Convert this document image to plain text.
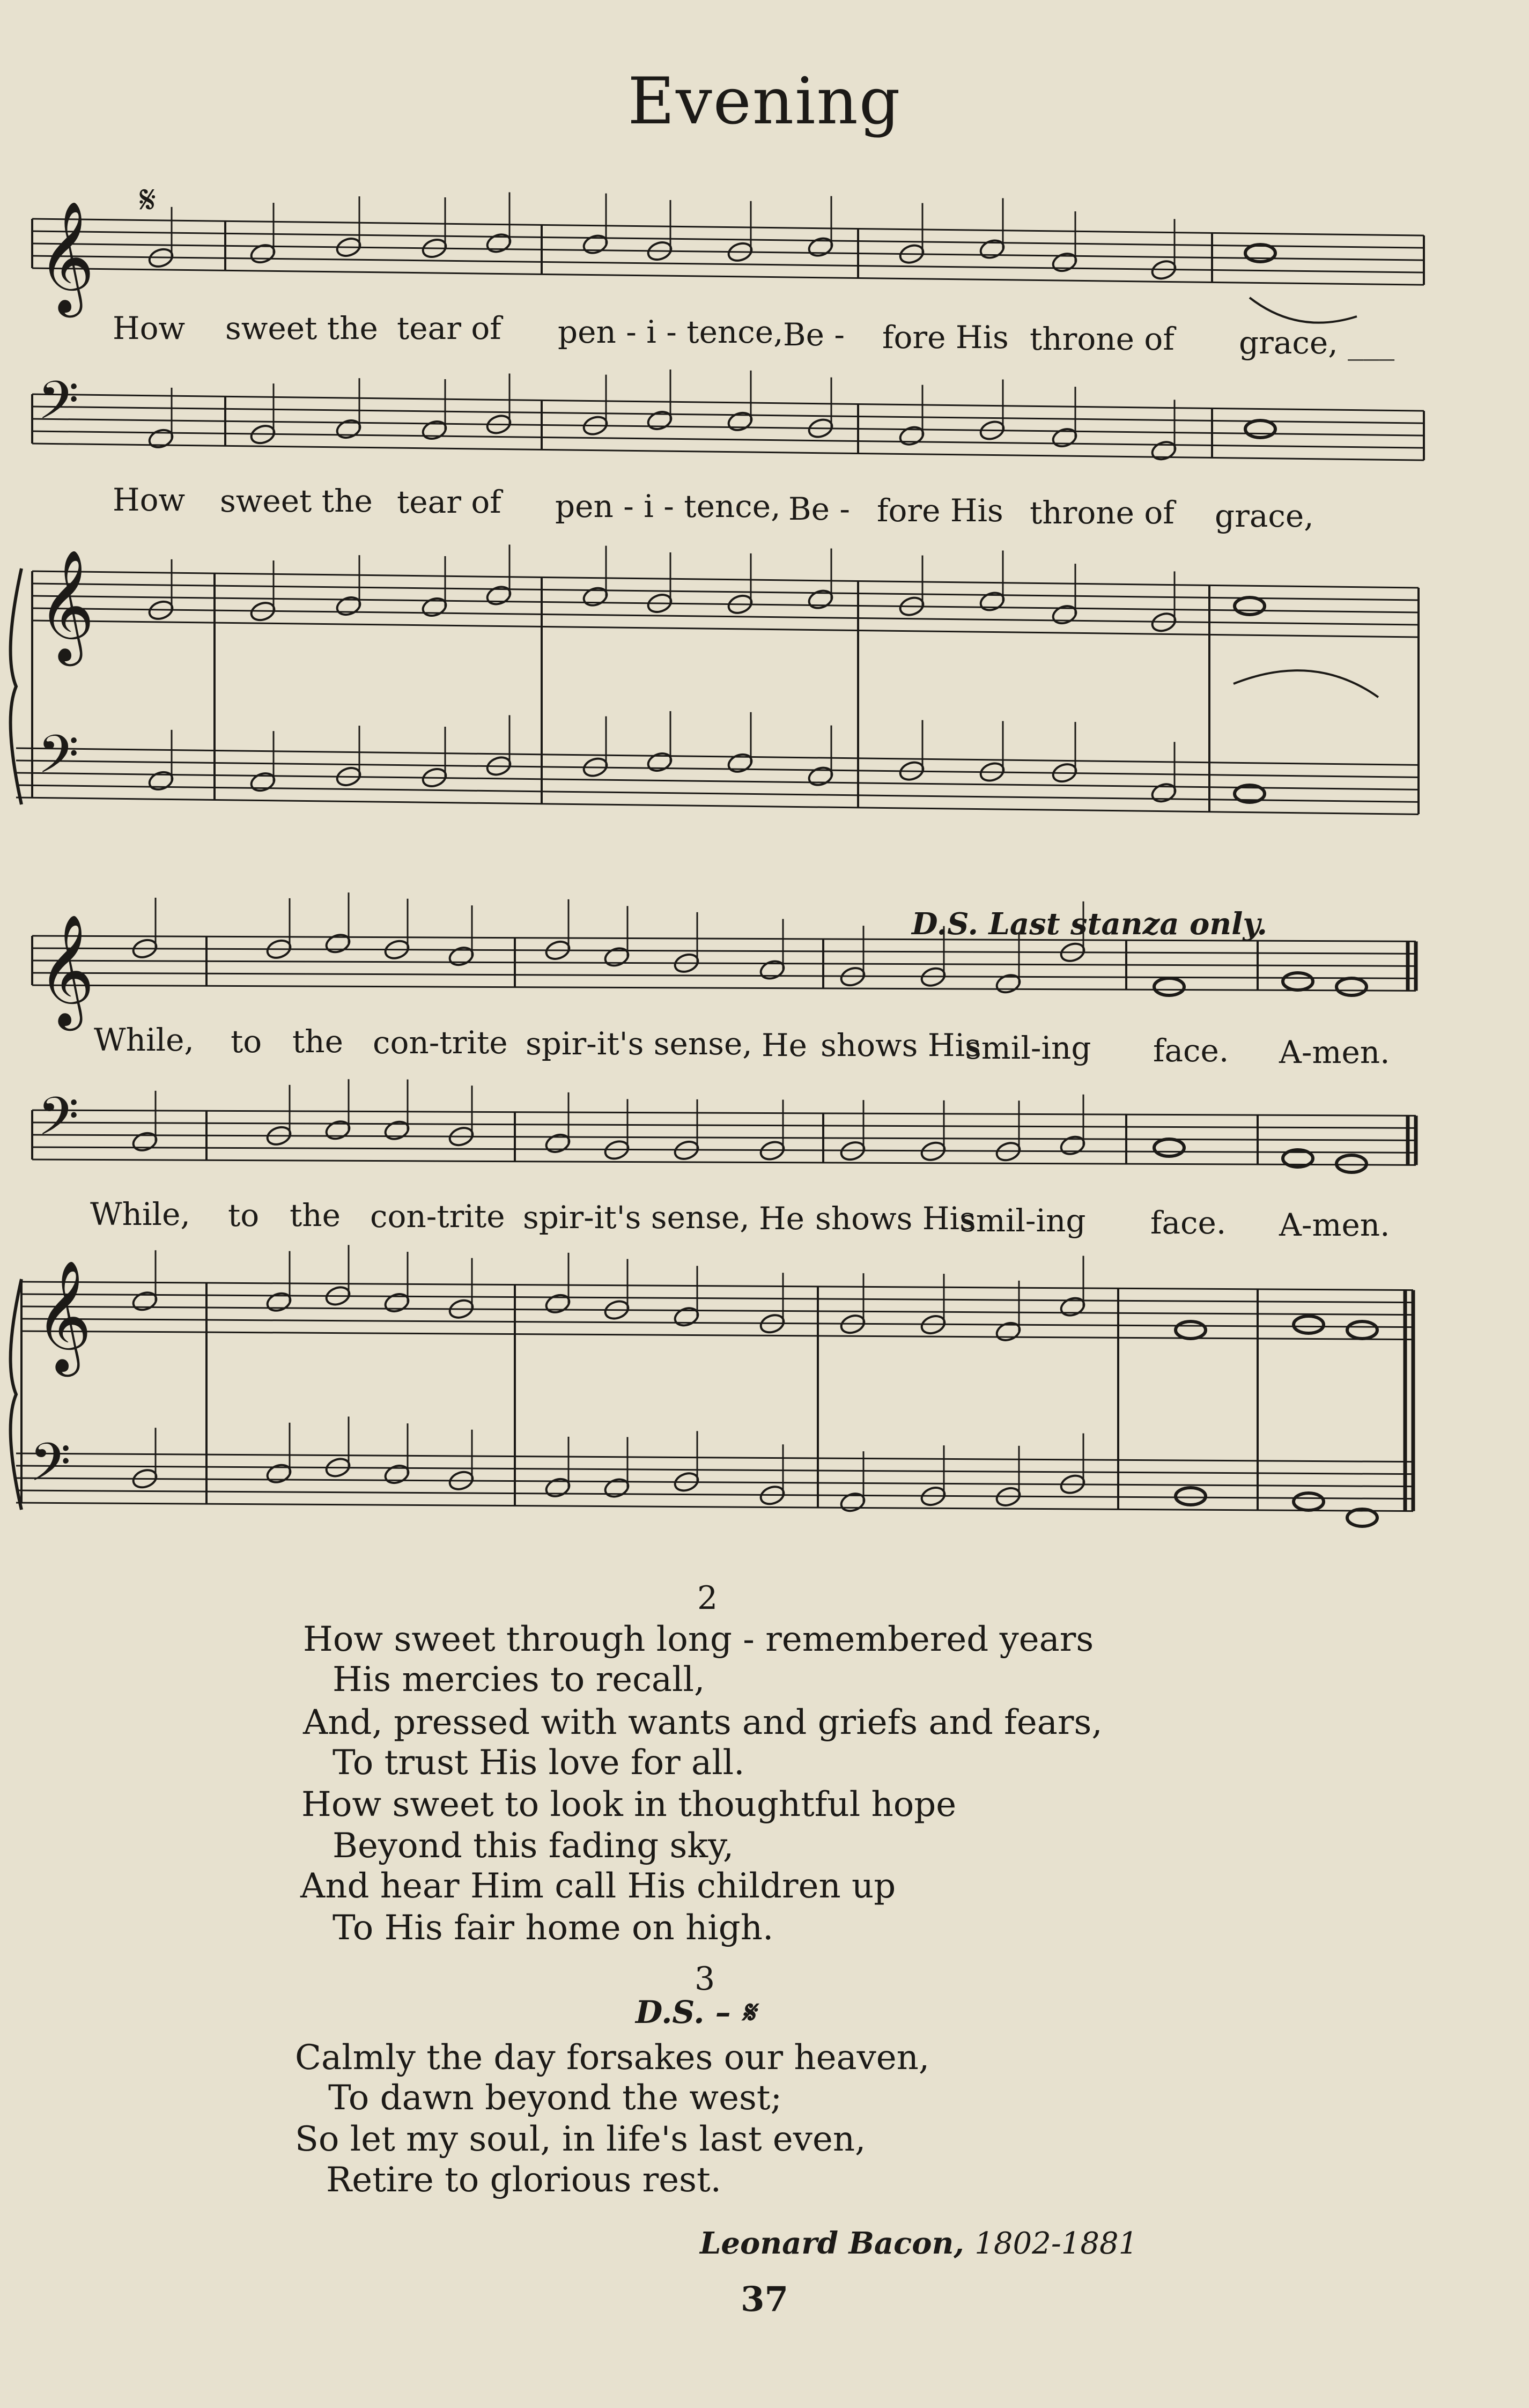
Evening
𝄋
𝄞
𝄞
𝄞
𝄞
𝄢
𝄢
𝄢
𝄢
How sweet the tear of pen - i - tence, Be - fore His throne of grace, ___
How sweet the tear of pen - i - tence, Be - fore His throne of grace,
D.S. Last stanza only.
While, to the con-trite spir-it's sense, He shows His
smil-ing face. A-men.
While, to the con-trite spir-it's sense, He shows His
smil-ing face. A-men.
2
How sweet through long - remembered years
His mercies to recall,
And, pressed with wants and griefs and fears,
To trust His love for all.
How sweet to look in thoughtful hope
Beyond this fading sky,
And hear Him call His children up
To His fair home on high.
3
D.S. – 𝄋
Calmly the day forsakes our heaven,
To dawn beyond the west;
So let my soul, in life's last even,
Retire to glorious rest.
Leonard Bacon, 1802-1881
37
